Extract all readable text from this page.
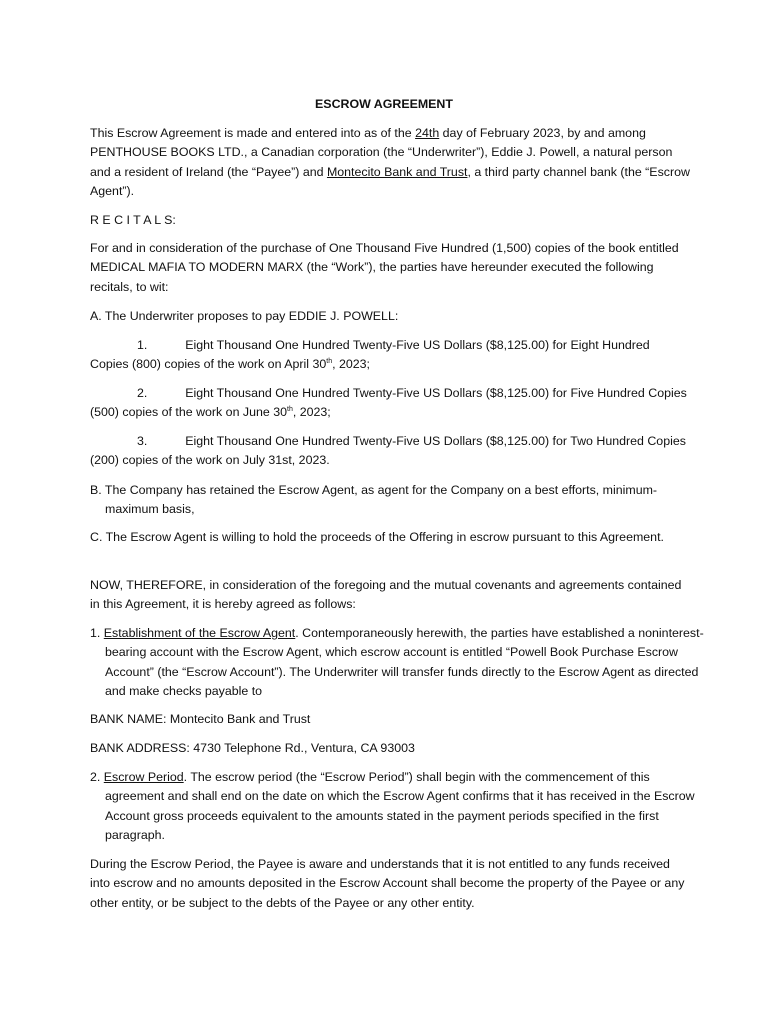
ESCROW AGREEMENT

This Escrow Agreement is made and entered into as of the 24th day of February 2023, by and among PENTHOUSE BOOKS LTD., a Canadian corporation (the “Underwriter”), Eddie J. Powell, a natural person and a resident of Ireland (the “Payee”) and Montecito Bank and Trust, a third party channel bank (the “Escrow Agent”).

R E C I T A L S:

For and in consideration of the purchase of One Thousand Five Hundred (1,500) copies of the book entitled MEDICAL MAFIA TO MODERN MARX (the “Work”), the parties have hereunder executed the following recitals, to wit:

A. The Underwriter proposes to pay EDDIE J. POWELL:

1.	Eight Thousand One Hundred Twenty-Five US Dollars ($8,125.00) for Eight Hundred Copies (800) copies of the work on April 30th, 2023;

2.	Eight Thousand One Hundred Twenty-Five US Dollars ($8,125.00) for Five Hundred Copies (500) copies of the work on June 30th, 2023;

3.	Eight Thousand One Hundred Twenty-Five US Dollars ($8,125.00) for Two Hundred Copies (200) copies of the work on July 31st, 2023.

B. The Company has retained the Escrow Agent, as agent for the Company on a best efforts, minimum-maximum basis,

C. The Escrow Agent is willing to hold the proceeds of the Offering in escrow pursuant to this Agreement.

NOW, THEREFORE, in consideration of the foregoing and the mutual covenants and agreements contained in this Agreement, it is hereby agreed as follows:

1. Establishment of the Escrow Agent. Contemporaneously herewith, the parties have established a noninterest-bearing account with the Escrow Agent, which escrow account is entitled “Powell Book Purchase Escrow Account” (the “Escrow Account”). The Underwriter will transfer funds directly to the Escrow Agent as directed and make checks payable to

BANK NAME: Montecito Bank and Trust

BANK ADDRESS: 4730 Telephone Rd., Ventura, CA 93003

2. Escrow Period. The escrow period (the “Escrow Period”) shall begin with the commencement of this agreement and shall end on the date on which the Escrow Agent confirms that it has received in the Escrow Account gross proceeds equivalent to the amounts stated in the payment periods specified in the first paragraph.

During the Escrow Period, the Payee is aware and understands that it is not entitled to any funds received into escrow and no amounts deposited in the Escrow Account shall become the property of the Payee or any other entity, or be subject to the debts of the Payee or any other entity.
